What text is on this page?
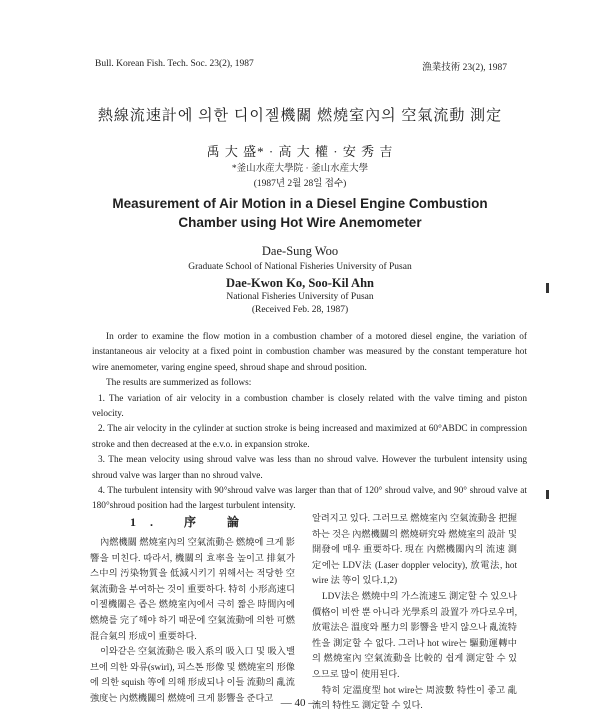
Bull. Korean Fish. Tech. Soc. 23(2), 1987	漁業技術 23(2), 1987
熱線流速計에 의한 디이젤機關 燃燒室內의 空氣流動 測定
禹 大 盛* · 高 大 權 · 安 秀 吉
*釜山水産大學院 · 釜山水産大學
(1987년 2월 28일 접수)
Measurement of Air Motion in a Diesel Engine Combustion
Chamber using Hot Wire Anemometer
Dae-Sung Woo
Graduate School of National Fisheries University of Pusan
Dae-Kwon Ko, Soo-Kil Ahn
National Fisheries University of Pusan
(Received Feb. 28, 1987)

In order to examine the flow motion in a combustion chamber of a motored diesel engine, the variation of instantaneous air velocity at a fixed point in combustion chamber was measured by the constant temperature hot wire anemometer, varing engine speed, shroud shape and shroud position.

The results are summerized as follows:

1. The variation of air velocity in a combustion chamber is closely related with the valve timing and piston velocity.

2. The air velocity in the cylinder at suction stroke is being increased and maximized at 60°ABDC in compression stroke and then decreased at the e.v.o. in expansion stroke.

3. The mean velocity using shroud valve was less than no shroud valve. However the turbulent intensity using shroud valve was larger than no shroud valve.

4. The turbulent intensity with 90°shroud valve was larger than that of 120° shroud valve, and 90° shroud valve at 180°shroud position had the largest turbulent intensity.

1. 序 論

內燃機關 燃燒室內의 空氣流動은 燃燒에 크게 影響을 미친다. 따라서, 機關의 효率을 높이고 排氣가스中의 汚染物質을 低減시키기 위해서는 적당한 空氣流動을 부여하는 것이 重要하다. 特히 小形高速디이젤機關은 좁은 燃燒室內에서 극히 짧은 時間內에 燃燒를 完了해야 하기 때문에 空氣流動에 의한 可燃混合氣의 形成이 重要하다.

이와같은 空氣流動은 吸入系의 吸入口 및 吸入밸브에 의한 와류(swirl), 피스톤 形像 및 燃燒室의 形像에 의한 squish 等에 의해 形成되나 이들 流動의 亂流強度는 內燃機關의 燃燒에 크게 影響을 준다고

알려지고 있다. 그러므로 燃燒室內 空氣流動을 把握하는 것은 內燃機關의 燃燒研究와 燃燒室의 設計 및 開發에 매우 重要하다. 現在 內燃機關內의 流速 測定에는 LDV法 (Laser doppler velocity), 放電法, hot wire 法 等이 있다.1,2)

LDV法은 燃燒中의 가스流速도 測定할 수 있으나 價格이 비싼 뿐 아니라 光學系의 設置가 까다로우며, 放電法은 溫度와 壓力의 影響을 받지 않으나 亂流特性을 測定할 수 없다. 그러나 hot wire는 驅動運轉中의 燃燒室內 空氣流動을 比較的 쉽게 測定할 수 있으므로 많이 使用된다.

特히 定溫度型 hot wire는 周波數 特性이 좋고 亂流의 特性도 測定할 수 있다.

— 40 —
